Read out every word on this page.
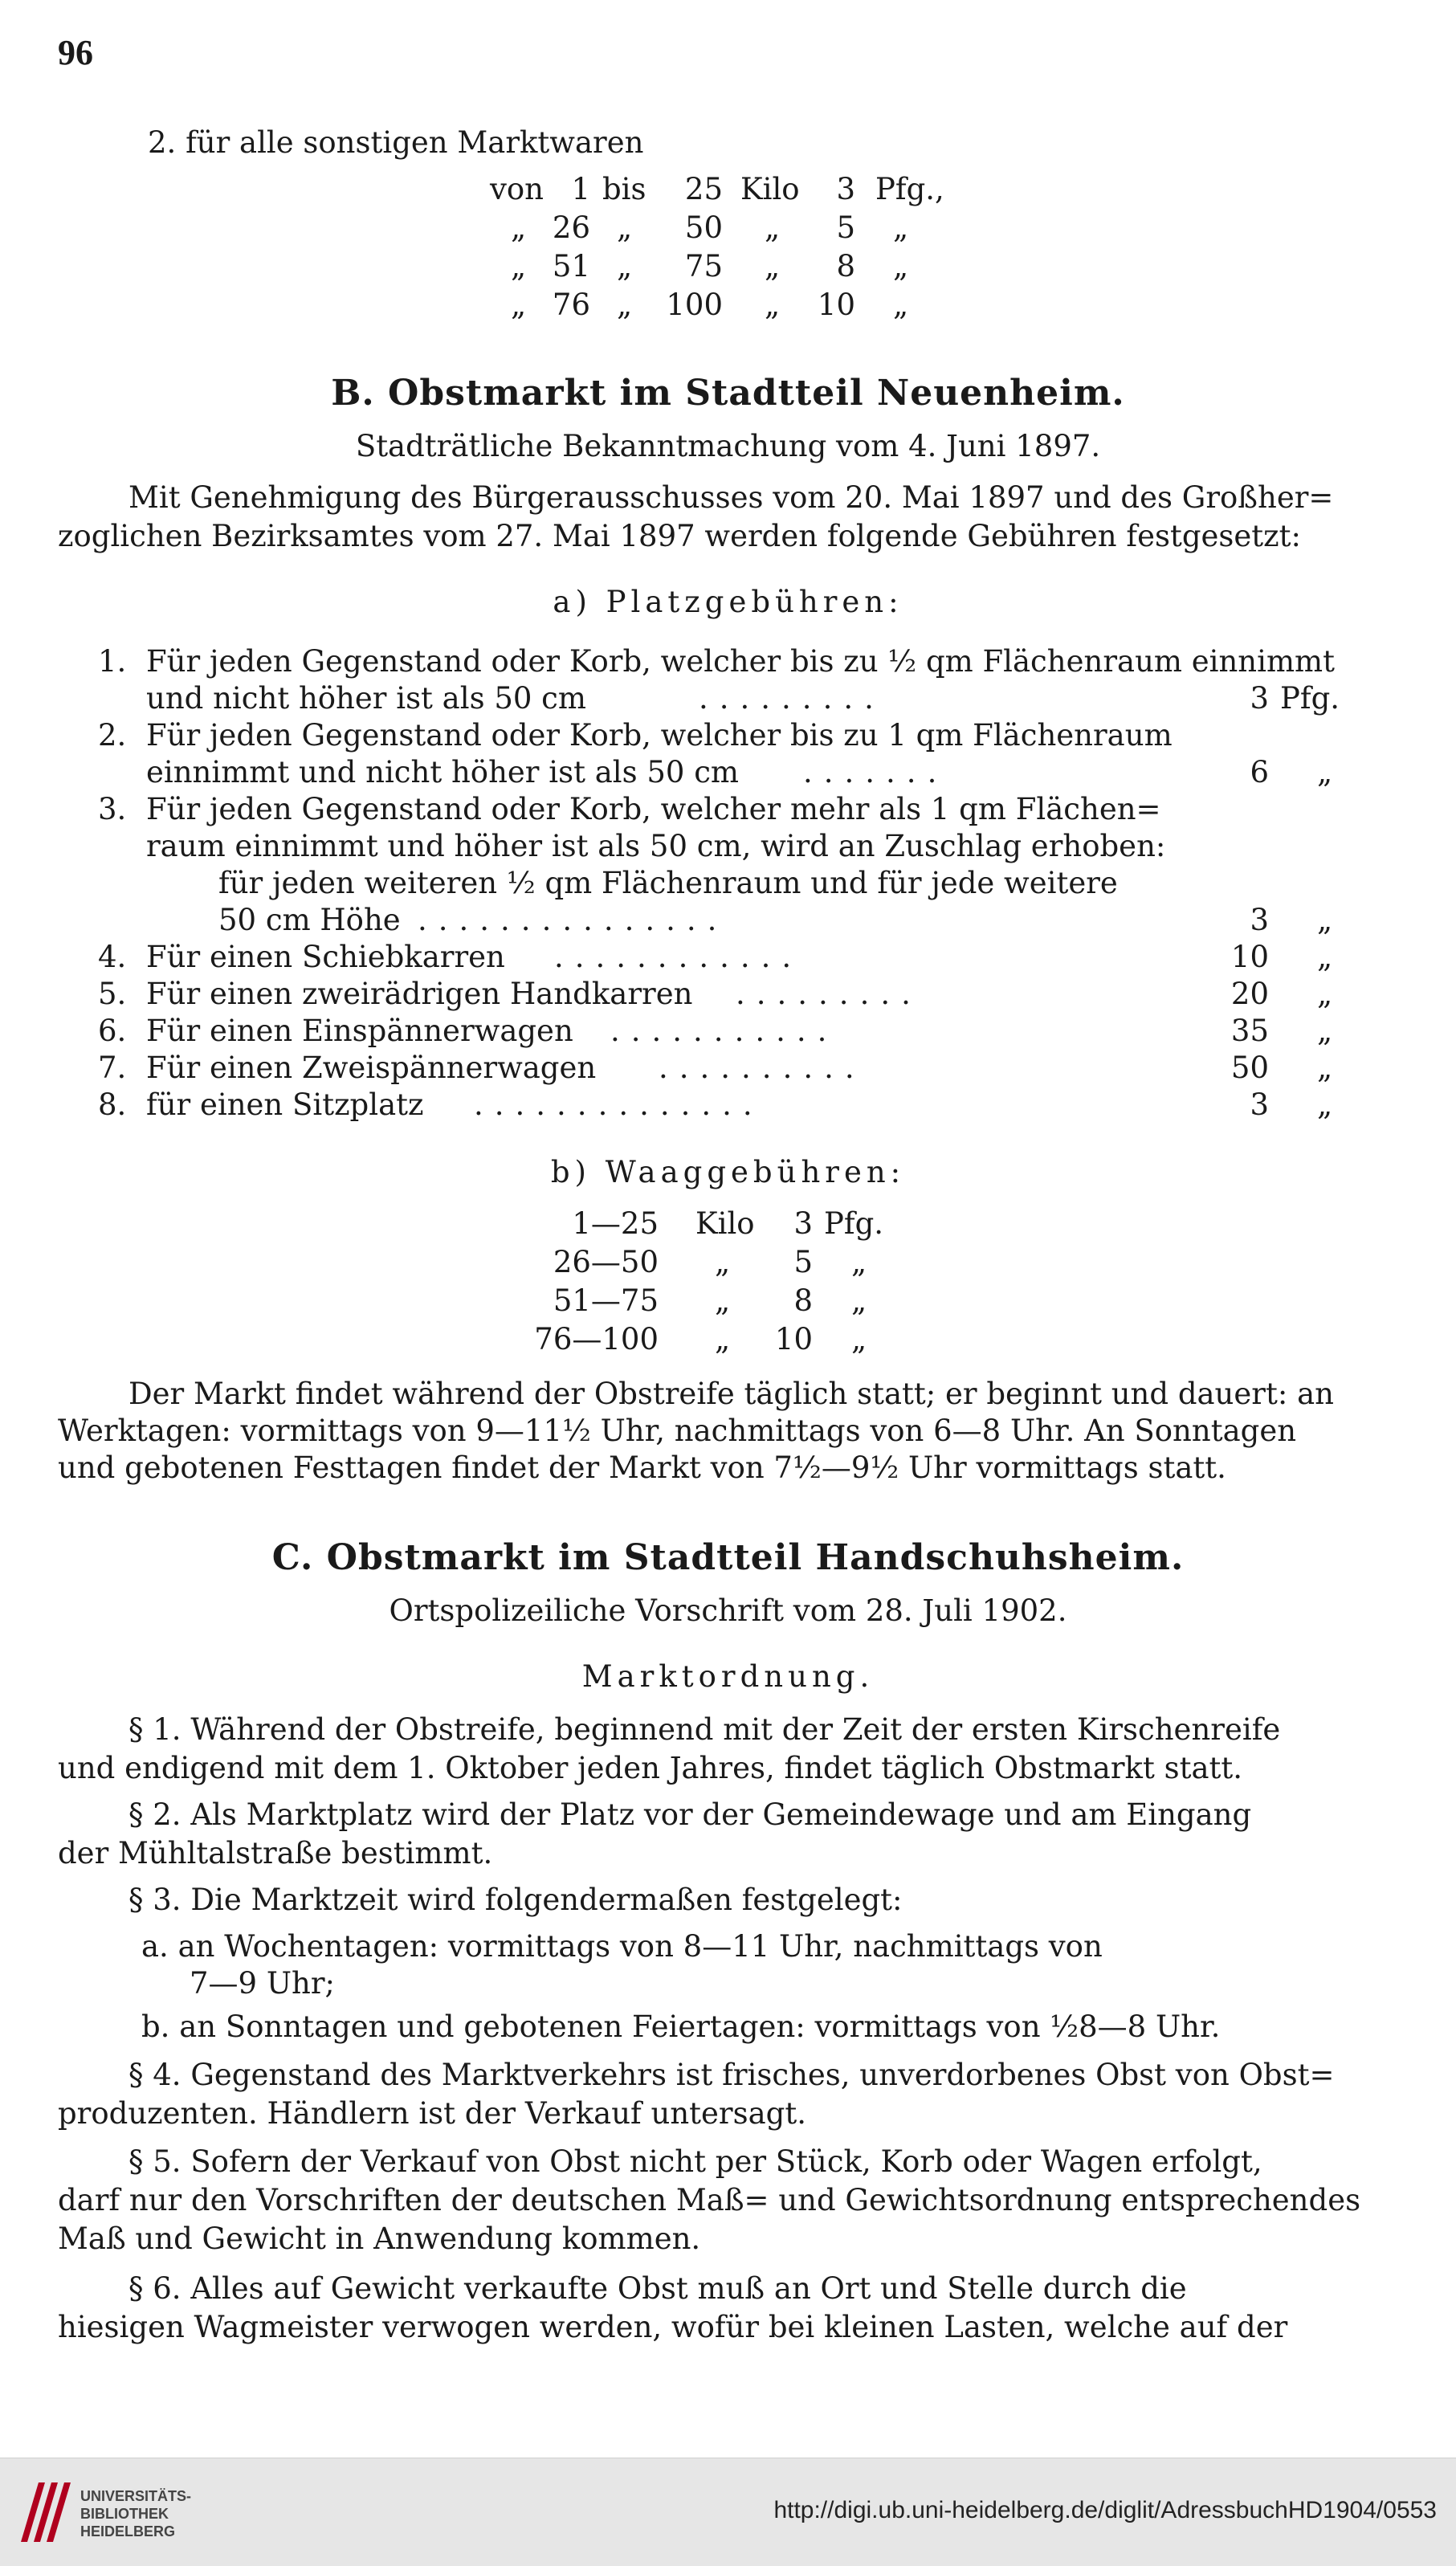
96
2. für alle sonstigen Marktwaren
von 1 bis	25 Kilo	3 Pfg.,
„ 26 „	50 „	5 „
„ 51 „	75 „	8 „
„ 76 „ 100 „ 10 „
B. Obstmarkt im Stadtteil Neuenheim.
Stadträtliche Bekanntmachung vom 4. Juni 1897.
Mit Genehmigung des Bürgerausschusses vom 20. Mai 1897 und des Großher=
zoglichen Bezirksamtes vom 27. Mai 1897 werden folgende Gebühren festgesetzt:
a) Platzgebühren:
1. Für jeden Gegenstand oder Korb, welcher bis zu ½ qm Flächenraum einnimmt
und nicht höher ist als 50 cm	.........	3 Pfg.
2. Für jeden Gegenstand oder Korb, welcher bis zu 1 qm Flächenraum
einnimmt und nicht höher ist als 50 cm .......	6 „
3. Für jeden Gegenstand oder Korb, welcher mehr als 1 qm Flächen=
raum einnimmt und höher ist als 50 cm, wird an Zuschlag erhoben:
für jeden weiteren ½ qm Flächenraum und für jede weitere
50 cm Höhe ...............	3 „
4. Für einen Schiebkarren ............	10 „
5. Für einen zweirädrigen Handkarren .........	20 „
6. Für einen Einspännerwagen ...........	35 „
7. Für einen Zweispännerwagen ..........	50 „
8. für einen Sitzplatz ..............	3 „
b) Waaggebühren:
1—25 Kilo	3 Pfg.
26—50 „	5 „
51—75 „	8 „
76—100 „ 10 „
Der Markt findet während der Obstreife täglich statt; er beginnt und dauert: an
Werktagen: vormittags von 9—11½ Uhr, nachmittags von 6—8 Uhr. An Sonntagen
und gebotenen Festtagen findet der Markt von 7½—9½ Uhr vormittags statt.
C. Obstmarkt im Stadtteil Handschuhsheim.
Ortspolizeiliche Vorschrift vom 28. Juli 1902.
Marktordnung.
§ 1. Während der Obstreife, beginnend mit der Zeit der ersten Kirschenreife
und endigend mit dem 1. Oktober jeden Jahres, findet täglich Obstmarkt statt.
§ 2. Als Marktplatz wird der Platz vor der Gemeindewage und am Eingang
der Mühltalstraße bestimmt.
§ 3. Die Marktzeit wird folgendermaßen festgelegt:
a. an Wochentagen: vormittags von 8—11 Uhr, nachmittags von
7—9 Uhr;
b. an Sonntagen und gebotenen Feiertagen: vormittags von ½8—8 Uhr.
§ 4. Gegenstand des Marktverkehrs ist frisches, unverdorbenes Obst von Obst=
produzenten. Händlern ist der Verkauf untersagt.
§ 5. Sofern der Verkauf von Obst nicht per Stück, Korb oder Wagen erfolgt,
darf nur den Vorschriften der deutschen Maß= und Gewichtsordnung entsprechendes
Maß und Gewicht in Anwendung kommen.
§ 6. Alles auf Gewicht verkaufte Obst muß an Ort und Stelle durch die
hiesigen Wagmeister verwogen werden, wofür bei kleinen Lasten, welche auf der
UNIVERSITÄTS-
BIBLIOTHEK
HEIDELBERG
http://digi.ub.uni-heidelberg.de/diglit/AdressbuchHD1904/0553
